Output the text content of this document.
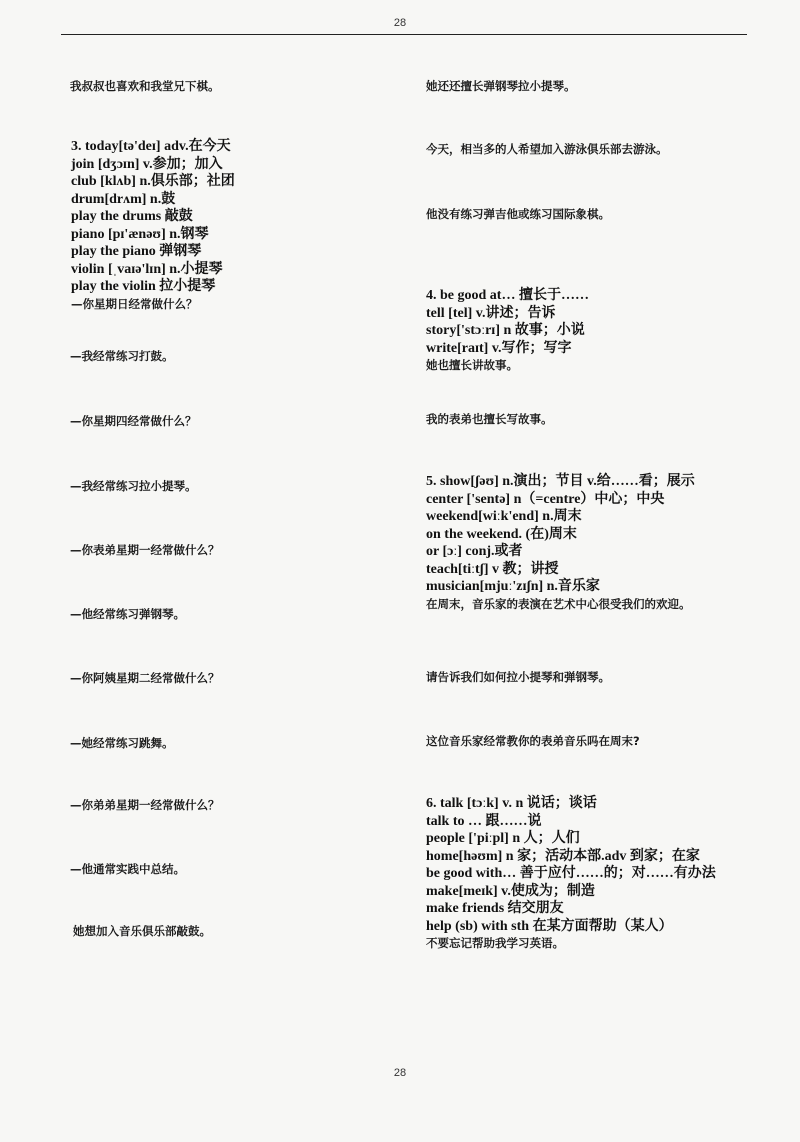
28
我叔叔也喜欢和我堂兄下棋。
3. today[tə'deɪ] adv.在今天
join [dʒɔɪn] v.参加；加入
club [klʌb] n.俱乐部；社团
drum[drʌm] n.鼓
play the drums 敲鼓
piano [pɪ'ænəʊ] n.钢琴
play the piano 弹钢琴
violin [ˌvaɪə'lɪn] n.小提琴
play the violin 拉小提琴
—你星期日经常做什么？
—我经常练习打鼓。
—你星期四经常做什么？
—我经常练习拉小提琴。
—你表弟星期一经常做什么？
—他经常练习弹钢琴。
—你阿姨星期二经常做什么？
—她经常练习跳舞。
—你弟弟星期一经常做什么？
—他通常实践中总结。
她想加入音乐俱乐部敲鼓。
她还还擅长弹钢琴拉小提琴。
今天，相当多的人希望加入游泳俱乐部去游泳。
他没有练习弹吉他或练习国际象棋。
4. be good at… 擅长于……
tell [tel] v.讲述；告诉
story['stɔːrɪ] n 故事；小说
write[raɪt] v.写作；写字
她也擅长讲故事。
我的表弟也擅长写故事。
5. show[ʃəʊ] n.演出；节目 v.给……看；展示
center ['sentə] n（=centre）中心；中央
weekend[wiːk'end] n.周末
on the weekend. (在)周末
or [ɔː] conj.或者
teach[tiːtʃ] v 教；讲授
musician[mjuː'zɪʃn] n.音乐家
在周末，音乐家的表演在艺术中心很受我们的欢迎。
请告诉我们如何拉小提琴和弹钢琴。
这位音乐家经常教你的表弟音乐吗在周末?
6. talk [tɔːk] v. n 说话；谈话
talk to … 跟……说
people ['piːpl] n 人；人们
home[həʊm] n 家；活动本部.adv 到家；在家
be good with… 善于应付……的；对……有办法
make[meɪk] v.使成为；制造
make friends 结交朋友
help (sb) with sth 在某方面帮助（某人）
不要忘记帮助我学习英语。
28
